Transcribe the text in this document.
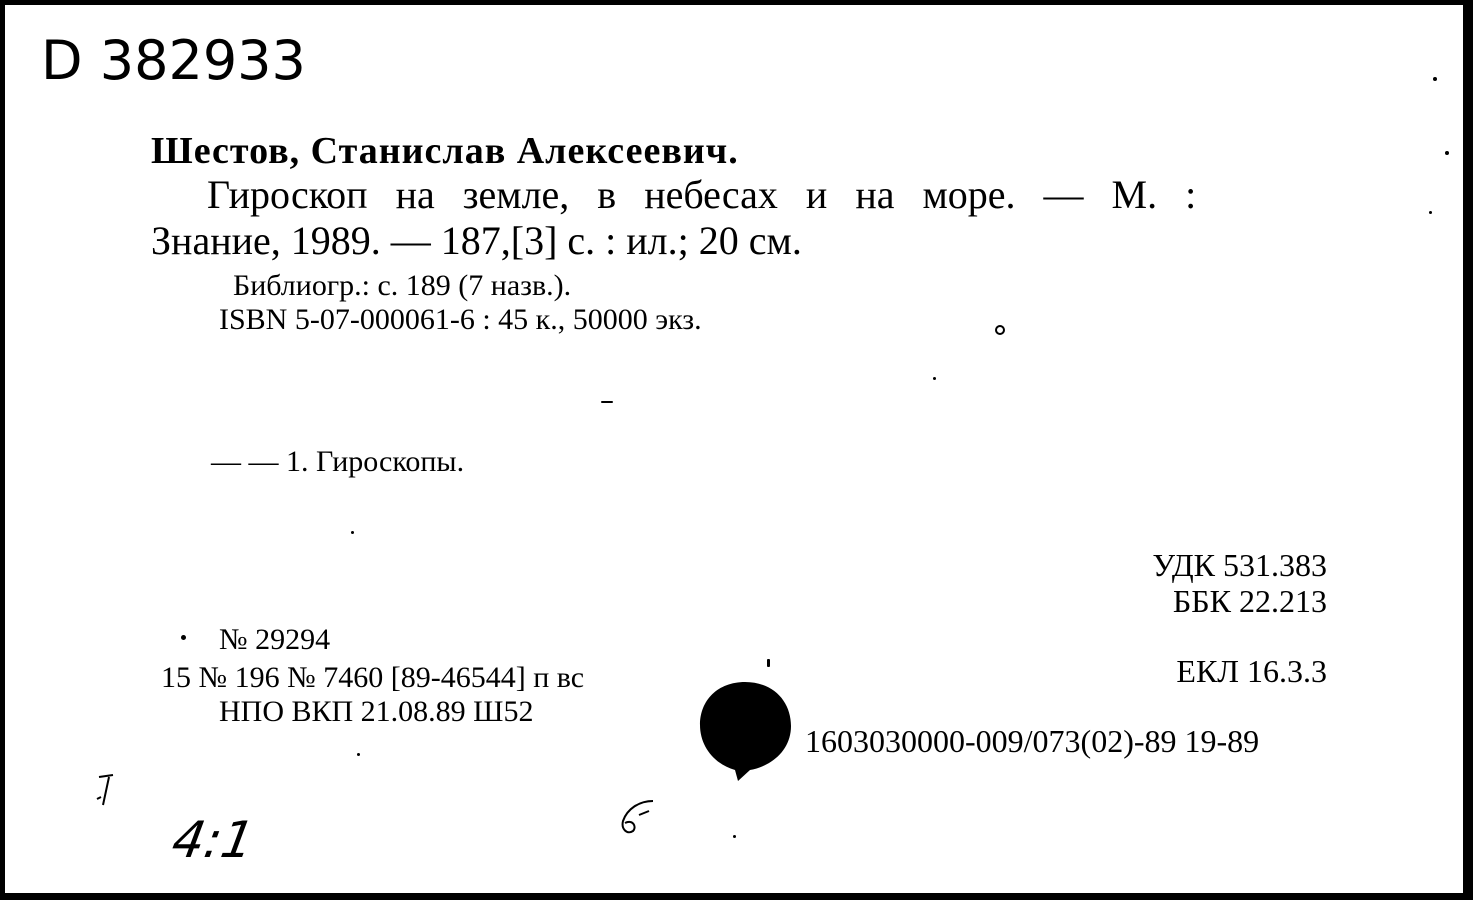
D 382933
Шестов, Станислав Алексеевич.
Гироскоп на земле, в небесах и на море. — М. :
Знание, 1989. — 187,[3] с. : ил.; 20 см.
Библиогр.: с. 189 (7 назв.).
ISBN 5-07-000061-6 : 45 к., 50000 экз.
— — 1. Гироскопы.
УДК 531.383
ББК 22.213
ЕКЛ 16.3.3
1603030000-009/073(02)-89 19-89
№ 29294
15 № 196 № 7460 [89-46544] п вс
НПО ВКП 21.08.89 Ш52
4:1
